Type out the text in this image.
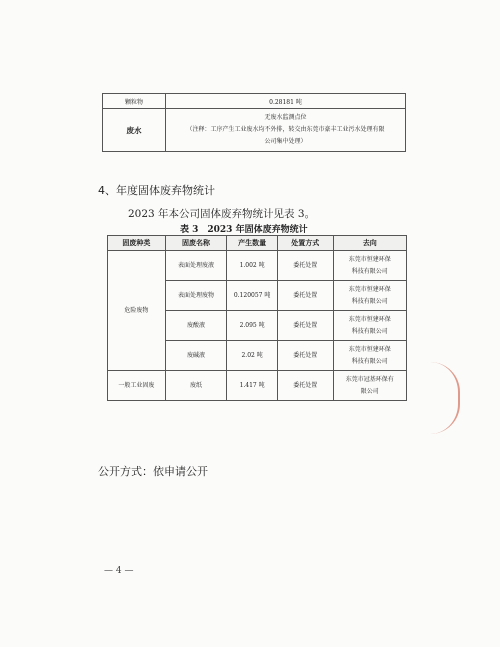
颗粒物	0.28181 吨
废水	无废水监测点位
（注释：工序产生工业废水均不外排，转交由东莞市豪丰工业污水处理有限
公司集中处理）
4、年度固体废弃物统计
2023 年本公司固体废弃物统计见表 3。
表 3　2023 年固体废弃物统计
固废种类	固废名称	产生数量	处置方式	去向
危险废物	表面处理废液	1.002 吨	委托处置	东莞市恒建环保
科技有限公司

	表面处理废物	0.120057 吨	委托处置	东莞市恒建环保
科技有限公司

	废酸液	2.095 吨	委托处置	东莞市恒建环保
科技有限公司

	废碱液	2.02 吨	委托处置	东莞市恒建环保
科技有限公司

一般工业固废	废纸	1.417 吨	委托处置	东莞市冠基环保有
限公司
公开方式：依申请公开
— 4 —
